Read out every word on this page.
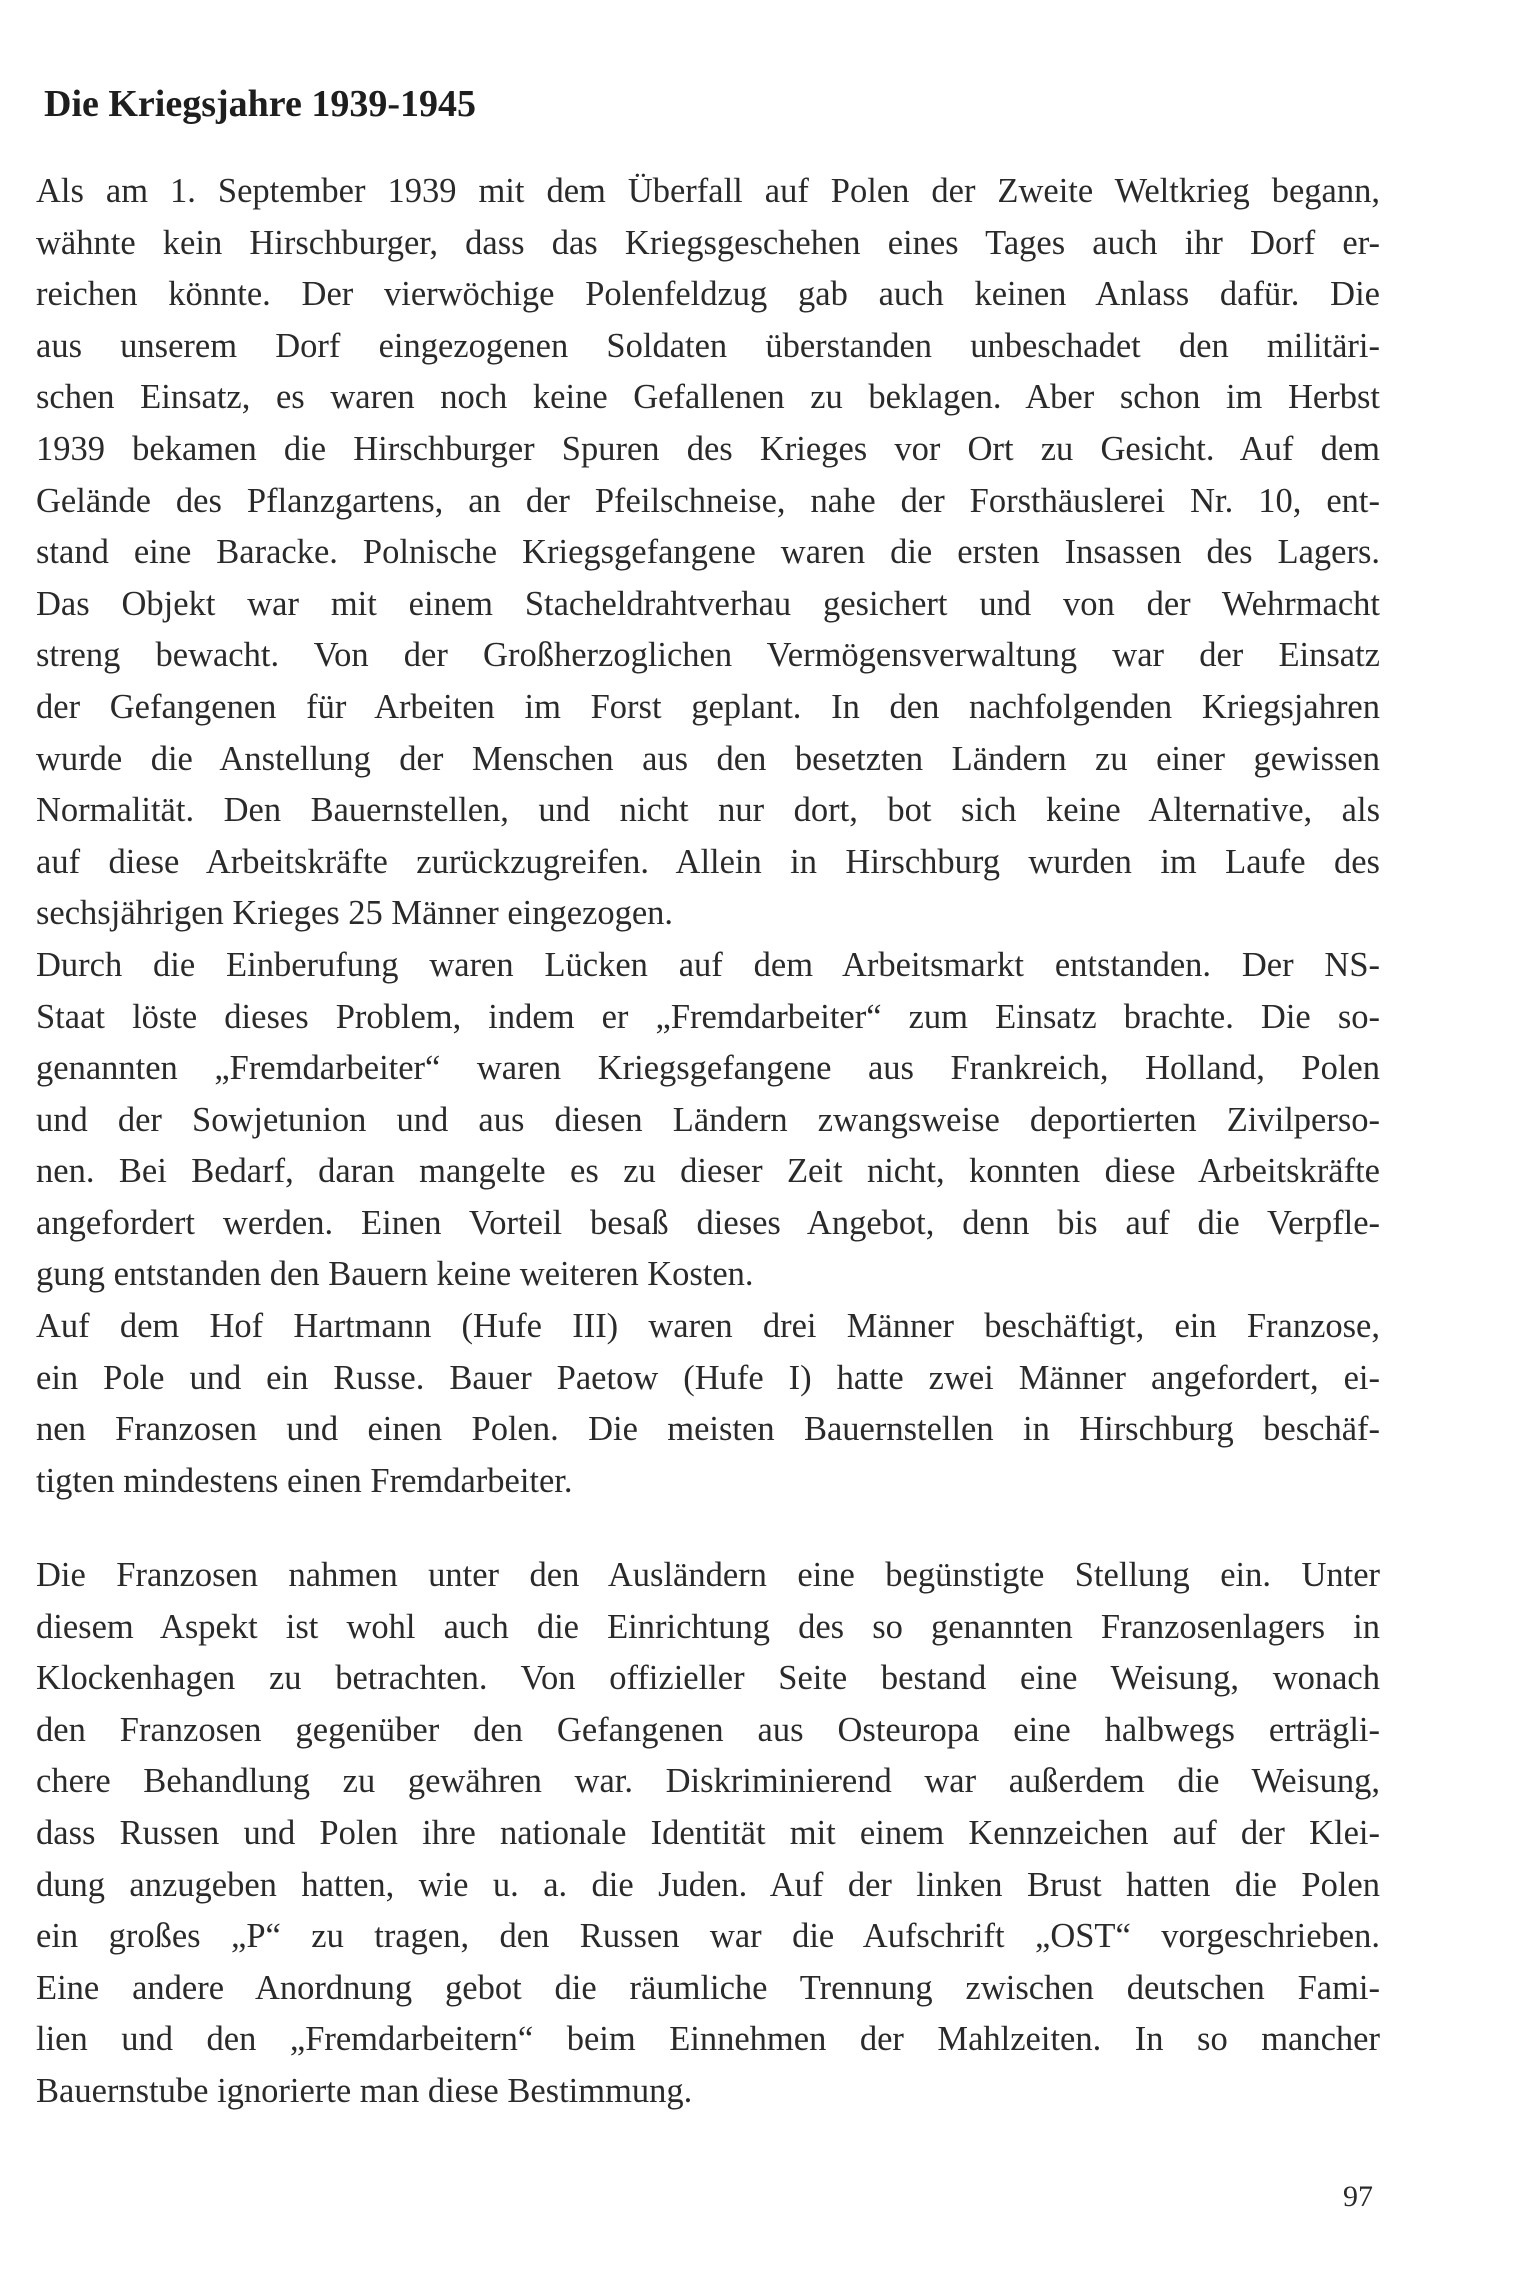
Die Kriegsjahre 1939-1945
Als am 1. September 1939 mit dem Überfall auf Polen der Zweite Weltkrieg begann,
wähnte kein Hirschburger, dass das Kriegsgeschehen eines Tages auch ihr Dorf er-
reichen könnte. Der vierwöchige Polenfeldzug gab auch keinen Anlass dafür. Die
aus unserem Dorf eingezogenen Soldaten überstanden unbeschadet den militäri-
schen Einsatz, es waren noch keine Gefallenen zu beklagen. Aber schon im Herbst
1939 bekamen die Hirschburger Spuren des Krieges vor Ort zu Gesicht. Auf dem
Gelände des Pflanzgartens, an der Pfeilschneise, nahe der Forsthäuslerei Nr. 10, ent-
stand eine Baracke. Polnische Kriegsgefangene waren die ersten Insassen des Lagers.
Das Objekt war mit einem Stacheldrahtverhau gesichert und von der Wehrmacht
streng bewacht. Von der Großherzoglichen Vermögensverwaltung war der Einsatz
der Gefangenen für Arbeiten im Forst geplant. In den nachfolgenden Kriegsjahren
wurde die Anstellung der Menschen aus den besetzten Ländern zu einer gewissen
Normalität. Den Bauernstellen, und nicht nur dort, bot sich keine Alternative, als
auf diese Arbeitskräfte zurückzugreifen. Allein in Hirschburg wurden im Laufe des
sechsjährigen Krieges 25 Männer eingezogen.
Durch die Einberufung waren Lücken auf dem Arbeitsmarkt entstanden. Der NS-
Staat löste dieses Problem, indem er „Fremdarbeiter“ zum Einsatz brachte. Die so-
genannten „Fremdarbeiter“ waren Kriegsgefangene aus Frankreich, Holland, Polen
und der Sowjetunion und aus diesen Ländern zwangsweise deportierten Zivilperso-
nen. Bei Bedarf, daran mangelte es zu dieser Zeit nicht, konnten diese Arbeitskräfte
angefordert werden. Einen Vorteil besaß dieses Angebot, denn bis auf die Verpfle-
gung entstanden den Bauern keine weiteren Kosten.
Auf dem Hof Hartmann (Hufe III) waren drei Männer beschäftigt, ein Franzose,
ein Pole und ein Russe. Bauer Paetow (Hufe I) hatte zwei Männer angefordert, ei-
nen Franzosen und einen Polen. Die meisten Bauernstellen in Hirschburg beschäf-
tigten mindestens einen Fremdarbeiter.
Die Franzosen nahmen unter den Ausländern eine begünstigte Stellung ein. Unter
diesem Aspekt ist wohl auch die Einrichtung des so genannten Franzosenlagers in
Klockenhagen zu betrachten. Von offizieller Seite bestand eine Weisung, wonach
den Franzosen gegenüber den Gefangenen aus Osteuropa eine halbwegs erträgli-
chere Behandlung zu gewähren war. Diskriminierend war außerdem die Weisung,
dass Russen und Polen ihre nationale Identität mit einem Kennzeichen auf der Klei-
dung anzugeben hatten, wie u. a. die Juden. Auf der linken Brust hatten die Polen
ein großes „P“ zu tragen, den Russen war die Aufschrift „OST“ vorgeschrieben.
Eine andere Anordnung gebot die räumliche Trennung zwischen deutschen Fami-
lien und den „Fremdarbeitern“ beim Einnehmen der Mahlzeiten. In so mancher
Bauernstube ignorierte man diese Bestimmung.
97
